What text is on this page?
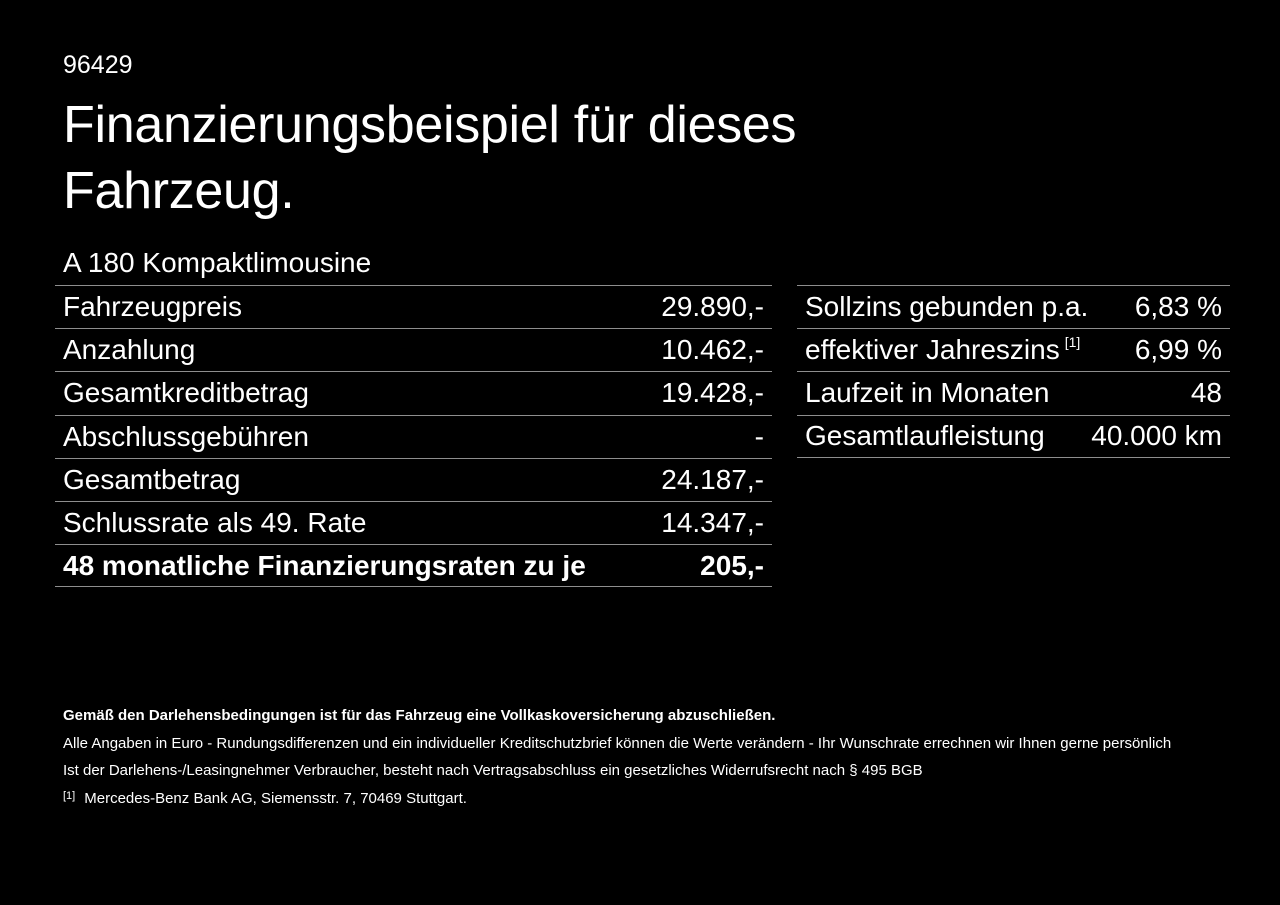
96429
Finanzierungsbeispiel für dieses
Fahrzeug.
A 180 Kompaktlimousine
Fahrzeugpreis	29.890,-
Anzahlung	10.462,-
Gesamtkreditbetrag	19.428,-
Abschlussgebühren	-
Gesamtbetrag	24.187,-
Schlussrate als 49. Rate	14.347,-
48 monatliche Finanzierungsraten zu je	205,-
Sollzins gebunden p.a. 6,83 %
effektiver Jahreszins [1] 6,99 %
Laufzeit in Monaten	48
Gesamtlaufleistung 40.000 km

Gemäß den Darlehensbedingungen ist für das Fahrzeug eine Vollkaskoversicherung abzuschließen.

Alle Angaben in Euro - Rundungsdifferenzen und ein individueller Kreditschutzbrief können die Werte verändern - Ihr Wunschrate errechnen wir Ihnen gerne persönlich

Ist der Darlehens-/Leasingnehmer Verbraucher, besteht nach Vertragsabschluss ein gesetzliches Widerrufsrecht nach § 495 BGB

[1] Mercedes-Benz Bank AG, Siemensstr. 7, 70469 Stuttgart.
